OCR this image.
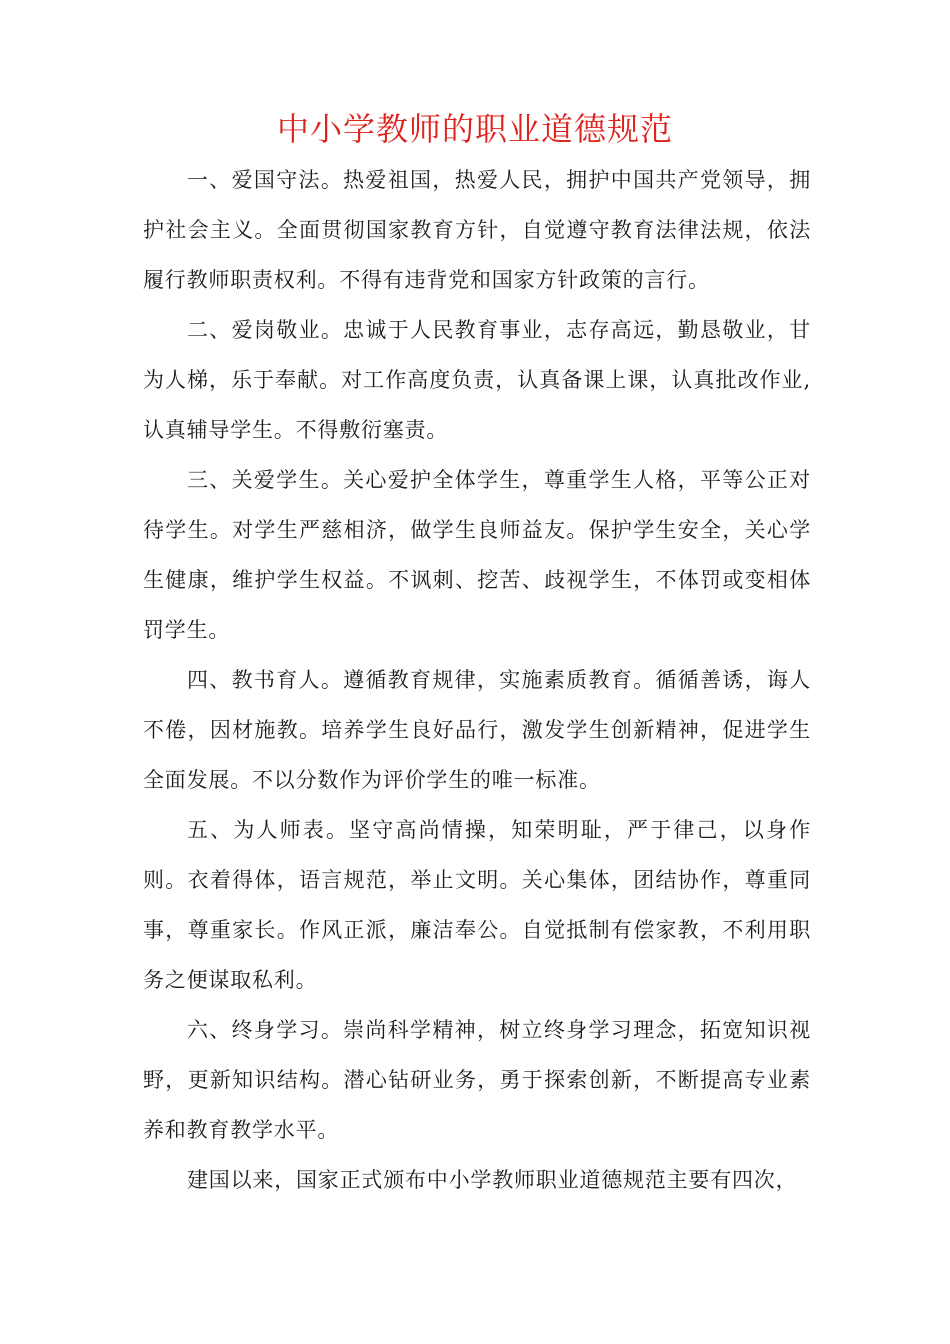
中小学教师的职业道德规范

一、爱国守法。热爱祖国，热爱人民，拥护中国共产党领导，拥护社会主义。全面贯彻国家教育方针，自觉遵守教育法律法规，依法履行教师职责权利。不得有违背党和国家方针政策的言行。

二、爱岗敬业。忠诚于人民教育事业，志存高远，勤恳敬业，甘为人梯，乐于奉献。对工作高度负责，认真备课上课，认真批改作业,认真辅导学生。不得敷衍塞责。

三、关爱学生。关心爱护全体学生，尊重学生人格，平等公正对待学生。对学生严慈相济，做学生良师益友。保护学生安全，关心学生健康，维护学生权益。不讽刺、挖苦、歧视学生，不体罚或变相体罚学生。

四、教书育人。遵循教育规律，实施素质教育。循循善诱，诲人不倦，因材施教。培养学生良好品行，激发学生创新精神，促进学生全面发展。不以分数作为评价学生的唯一标准。

五、为人师表。坚守高尚情操，知荣明耻，严于律己，以身作则。衣着得体，语言规范，举止文明。关心集体，团结协作，尊重同事，尊重家长。作风正派，廉洁奉公。自觉抵制有偿家教，不利用职务之便谋取私利。

六、终身学习。崇尚科学精神，树立终身学习理念，拓宽知识视野，更新知识结构。潜心钻研业务，勇于探索创新，不断提高专业素养和教育教学水平。

建国以来，国家正式颁布中小学教师职业道德规范主要有四次，
